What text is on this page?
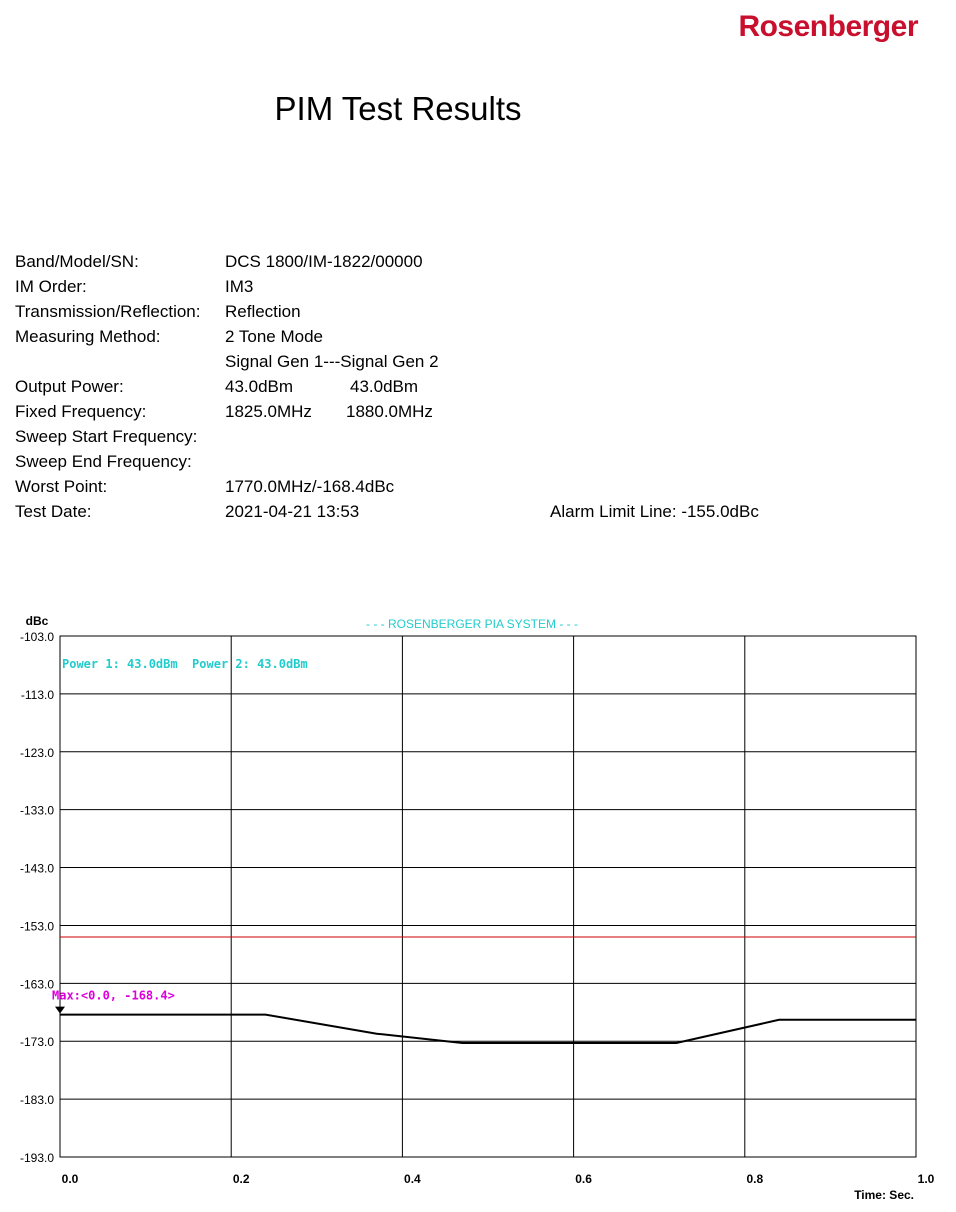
Rosenberger
PIM Test Results
Band/Model/SN:	DCS 1800/IM-1822/00000
IM Order:	IM3
Transmission/Reflection: Reflection
Measuring Method:	2 Tone Mode
Signal Gen 1---Signal Gen 2
Output Power:	43.0dBm	43.0dBm
Fixed Frequency:	1825.0MHz 1880.0MHz
Sweep Start Frequency:
Sweep End Frequency:
Worst Point:	1770.0MHz/-168.4dBc
Test Date:	2021-04-21 13:53	Alarm Limit Line: -155.0dBc
- - - ROSENBERGER PIA SYSTEM - - -
dBc
-103.0
-113.0
-123.0
-133.0
-143.0
-153.0
-163.0
-173.0
-183.0
-193.0
0.0	0.2	0.4	0.6	0.8	1.0
Max:<0.0, -168.4>
Power 1: 43.0dBm  Power 2: 43.0dBm
Time: Sec.
